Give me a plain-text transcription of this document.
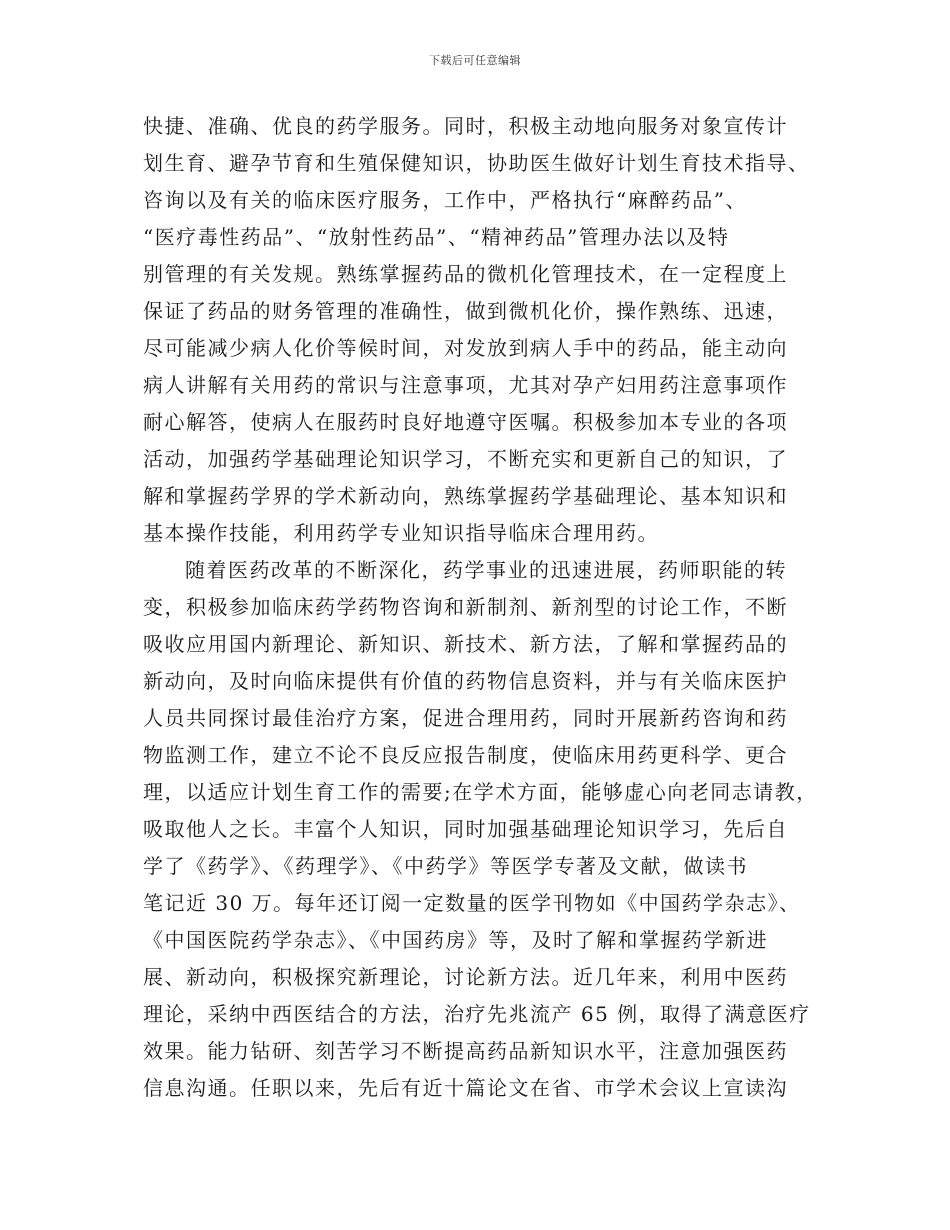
下载后可任意编辑
快捷、准确、优良的药学服务。同时，积极主动地向服务对象宣传计
划生育、避孕节育和生殖保健知识，协助医生做好计划生育技术指导、
咨询以及有关的临床医疗服务，工作中，严格执行“麻醉药品”、
“医疗毒性药品”、“放射性药品”、“精神药品”管理办法以及特
别管理的有关发规。熟练掌握药品的微机化管理技术，在一定程度上
保证了药品的财务管理的准确性，做到微机化价，操作熟练、迅速，
尽可能减少病人化价等候时间，对发放到病人手中的药品，能主动向
病人讲解有关用药的常识与注意事项，尤其对孕产妇用药注意事项作
耐心解答，使病人在服药时良好地遵守医嘱。积极参加本专业的各项
活动，加强药学基础理论知识学习，不断充实和更新自己的知识，了
解和掌握药学界的学术新动向，熟练掌握药学基础理论、基本知识和
基本操作技能，利用药学专业知识指导临床合理用药。
随着医药改革的不断深化，药学事业的迅速进展，药师职能的转
变，积极参加临床药学药物咨询和新制剂、新剂型的讨论工作，不断
吸收应用国内新理论、新知识、新技术、新方法，了解和掌握药品的
新动向，及时向临床提供有价值的药物信息资料，并与有关临床医护
人员共同探讨最佳治疗方案，促进合理用药，同时开展新药咨询和药
物监测工作，建立不论不良反应报告制度，使临床用药更科学、更合
理，以适应计划生育工作的需要;在学术方面，能够虚心向老同志请教，
吸取他人之长。丰富个人知识，同时加强基础理论知识学习，先后自
学了《药学》、《药理学》、《中药学》等医学专著及文献，做读书
笔记近 30 万。每年还订阅一定数量的医学刊物如《中国药学杂志》、
《中国医院药学杂志》、《中国药房》等，及时了解和掌握药学新进
展、新动向，积极探究新理论，讨论新方法。近几年来，利用中医药
理论，采纳中西医结合的方法，治疗先兆流产 65 例，取得了满意医疗
效果。能力钻研、刻苦学习不断提高药品新知识水平，注意加强医药
信息沟通。任职以来，先后有近十篇论文在省、市学术会议上宣读沟
